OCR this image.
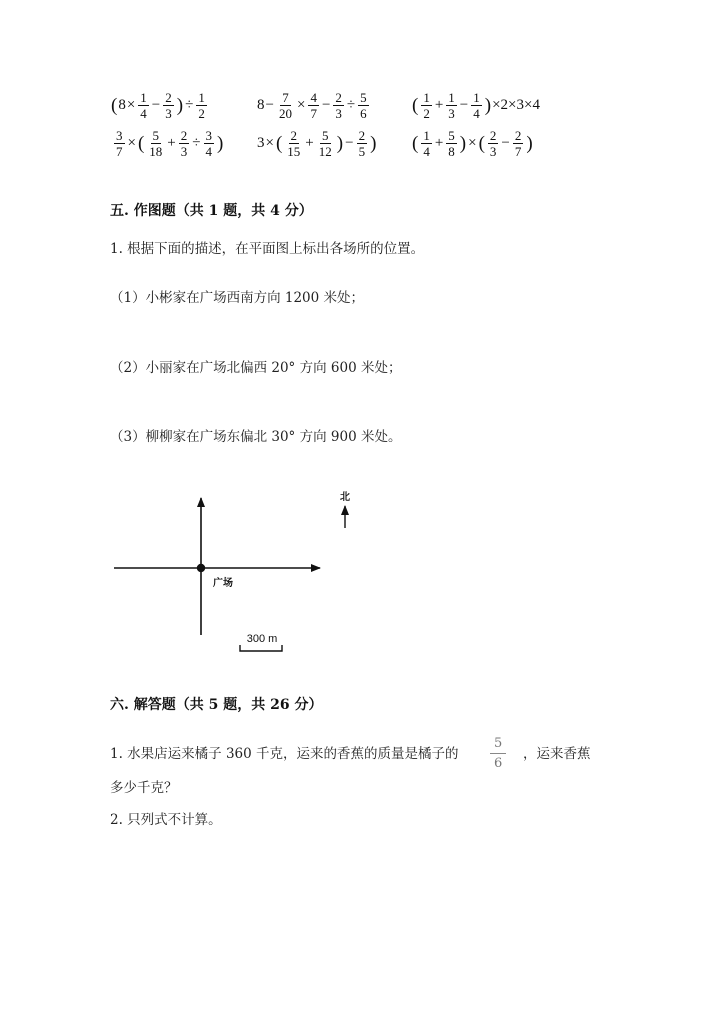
( $8 \times \frac{1}{4} - \frac{2}{3}$ ) ÷ $\frac{1}{2}$	$8 - \frac{7}{20} \times \frac{4}{7} - \frac{2}{3} \div \frac{5}{6}$ ( $\frac{1}{2} + \frac{1}{3} - \frac{1}{4}$ ) ×2×3×4
$\frac{3}{7}$ × ( $\frac{5}{18} + \frac{2}{3} \div \frac{3}{4}$ ) 3 × ( $\frac{2}{15} + \frac{5}{12}$ ) − $\frac{2}{5}$ ) ( $\frac{1}{4} + \frac{5}{8}$ ) × ( $\frac{2}{3} - \frac{2}{7}$ )
五. 作图题（共 1 题，共 4 分）
1. 根据下面的描述，在平面图上标出各场所的位置。
（1）小彬家在广场西南方向 1200 米处；
（2）小丽家在广场北偏西 20° 方向 600 米处；
（3）柳柳家在广场东偏北 30° 方向 900 米处。
北
广场
300 m
六. 解答题（共 5 题，共 26 分）
1. 水果店运来橘子 360 千克，运来的香蕉的质量是橘子的 $\frac{5}{6}$ ，运来香蕉
多少千克？
2. 只列式不计算。
